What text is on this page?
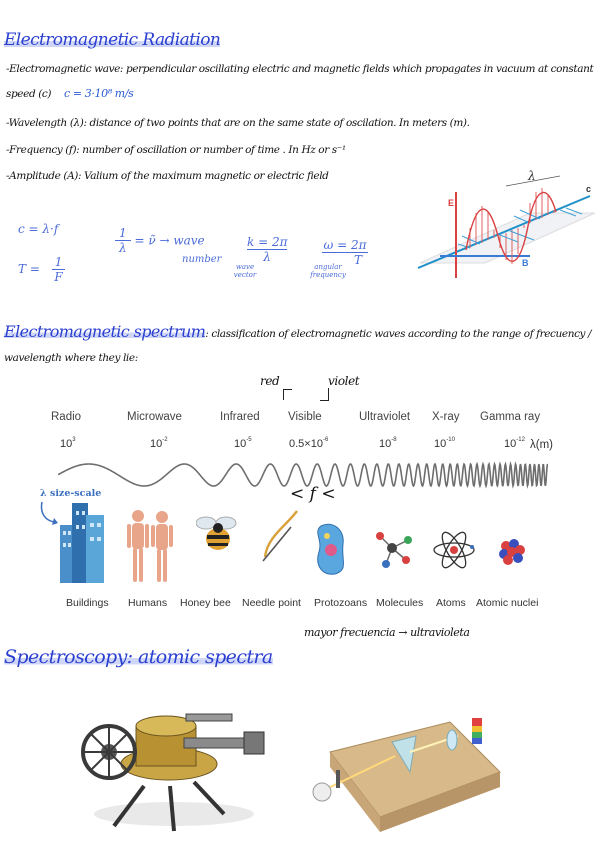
Electromagnetic Radiation
-Electromagnetic wave: perpendicular oscillating electric and magnetic fields which propagates in vacuum at constant
speed (c) c = 3·10⁸ m/s
-Wavelength (λ): distance of two points that are on the same state of oscilation. In meters (m).
-Frequency (f): number of oscillation or number of time . In Hz or s⁻¹
-Amplitude (A): Valium of the maximum magnetic or electric field
c = λ·f
$T = \frac{1}{F}$
$\frac{1}{\lambda}$ = ν̃ → wave
number $\frac{k = 2\pi}{\lambda}$
wave
vector
$\frac{\omega = 2\pi}{T}$
angular
frequency
λ
E
B
c
Electromagnetic spectrum: classification of electromagnetic waves according to the range of frecuency /
wavelength where they lie:
red	violet
Radio	Microwave	Infrared Visible	Ultraviolet X-ray Gamma ray
$10^3$	$10^{-2}$	$10^{-5}$	$0.5\times 10^{-6}$	$10^{-8}$	$10^{-10}$	$10^{-12}$ λ(m)
< f <
λ size-scale
Buildings Humans Honey bee Needle point Protozoans Molecules Atoms Atomic nuclei
mayor frecuencia → ultravioleta
Spectroscopy: atomic spectra
